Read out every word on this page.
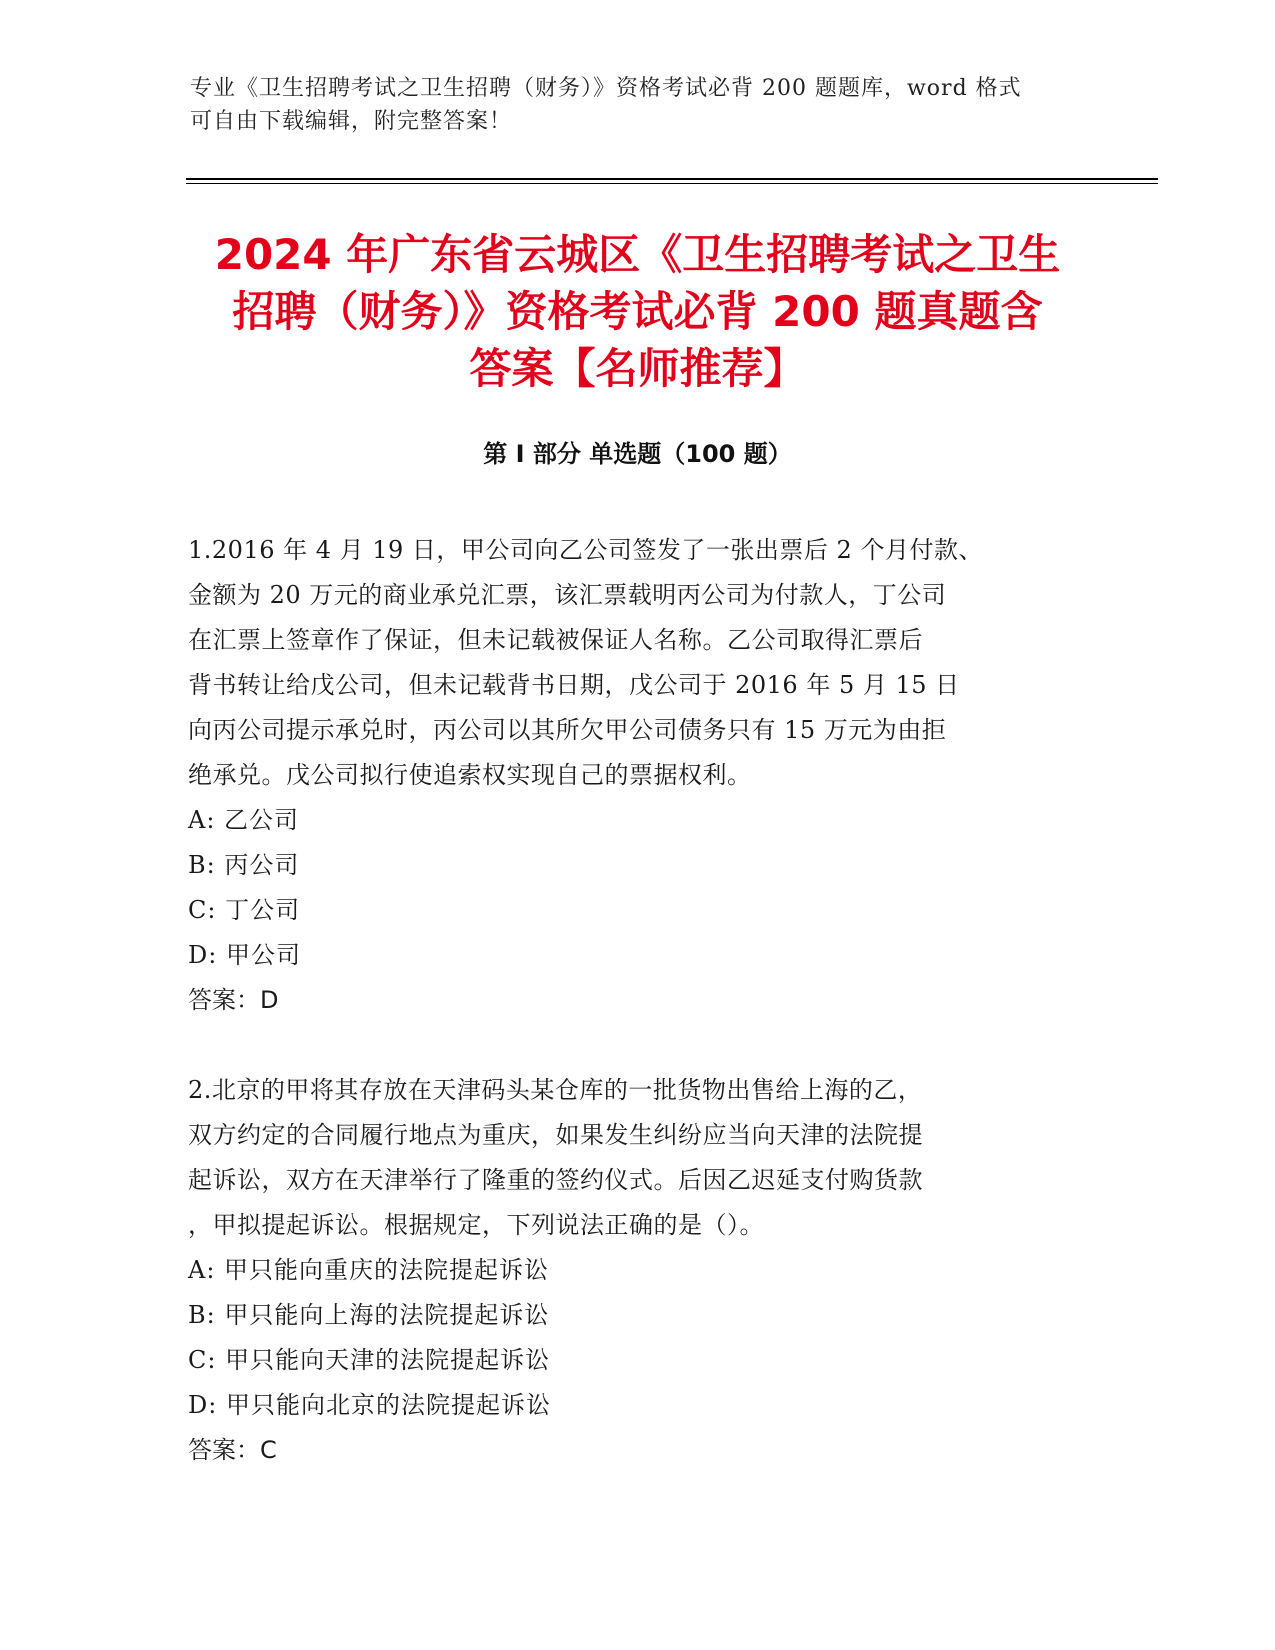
专业《卫生招聘考试之卫生招聘（财务）》资格考试必背 200 题题库，word 格式
可自由下载编辑，附完整答案！
2024 年广东省云城区《卫生招聘考试之卫生
招聘（财务）》资格考试必背 200 题真题含
答案【名师推荐】
第 I 部分 单选题（100 题）
1.2016 年 4 月 19 日，甲公司向乙公司签发了一张出票后 2 个月付款、
金额为 20 万元的商业承兑汇票，该汇票载明丙公司为付款人，丁公司
在汇票上签章作了保证，但未记载被保证人名称。乙公司取得汇票后
背书转让给戊公司，但未记载背书日期，戊公司于 2016 年 5 月 15 日
向丙公司提示承兑时，丙公司以其所欠甲公司债务只有 15 万元为由拒
绝承兑。戊公司拟行使追索权实现自己的票据权利。
A: 乙公司
B: 丙公司
C: 丁公司
D: 甲公司
答案：D
2.北京的甲将其存放在天津码头某仓库的一批货物出售给上海的乙，
双方约定的合同履行地点为重庆，如果发生纠纷应当向天津的法院提
起诉讼，双方在天津举行了隆重的签约仪式。后因乙迟延支付购货款
，甲拟提起诉讼。根据规定，下列说法正确的是（）。
A: 甲只能向重庆的法院提起诉讼
B: 甲只能向上海的法院提起诉讼
C: 甲只能向天津的法院提起诉讼
D: 甲只能向北京的法院提起诉讼
答案：C
